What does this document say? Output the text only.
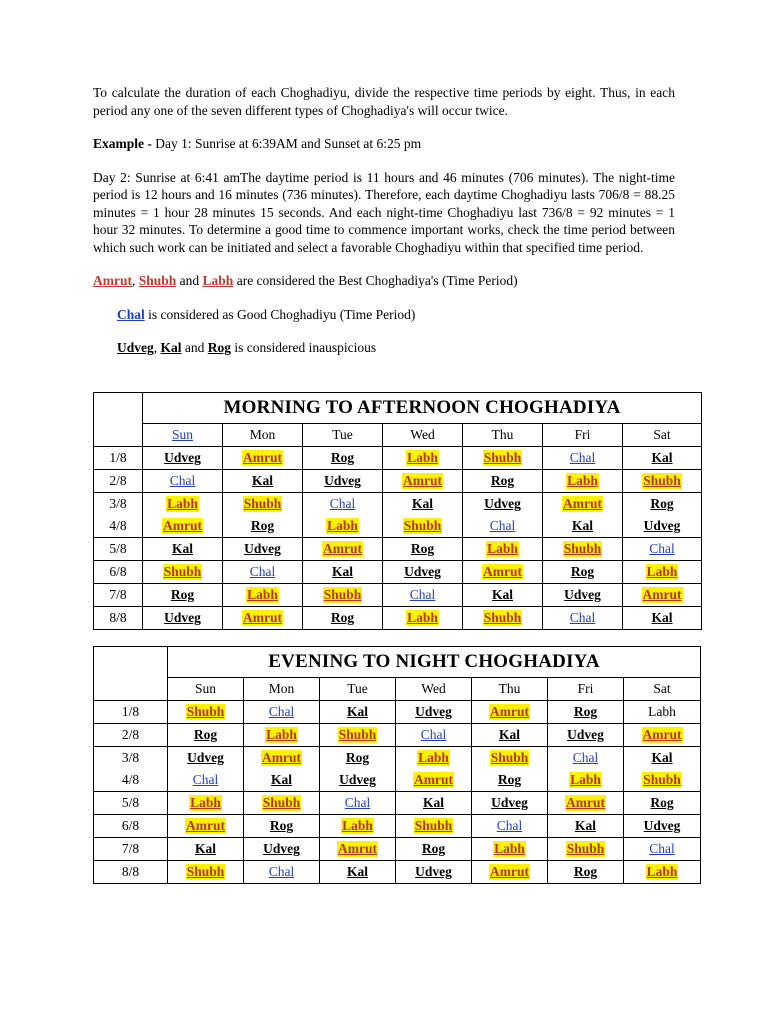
To calculate the duration of each Choghadiyu, divide the respective time periods by eight. Thus, in each period any one of the seven different types of Choghadiya's will occur twice.

Example - Day 1: Sunrise at 6:39AM and Sunset at 6:25 pm

Day 2: Sunrise at 6:41 amThe daytime period is 11 hours and 46 minutes (706 minutes). The night-time period is 12 hours and 16 minutes (736 minutes). Therefore, each daytime Choghadiyu lasts 706/8 = 88.25 minutes = 1 hour 28 minutes 15 seconds. And each night-time Choghadiyu last 736/8 = 92 minutes = 1 hour 32 minutes. To determine a good time to commence important works, check the time period between which such work can be initiated and select a favorable Choghadiyu within that specified time period.

Amrut, Shubh and Labh are considered the Best Choghadiya's (Time Period)

Chal is considered as Good Choghadiyu (Time Period)

Udveg, Kal and Rog is considered inauspicious

	MORNING TO AFTERNOON CHOGHADIYA						
	Sun	Mon	Tue	Wed	Thu	Fri	Sat
1/8	Udveg	Amrut	Rog	Labh	Shubh	Chal	Kal
2/8	Chal	Kal	Udveg	Amrut	Rog	Labh	Shubh
3/8	Labh	Shubh	Chal	Kal	Udveg	Amrut	Rog
4/8	Amrut	Rog	Labh	Shubh	Chal	Kal	Udveg
5/8	Kal	Udveg	Amrut	Rog	Labh	Shubh	Chal
6/8	Shubh	Chal	Kal	Udveg	Amrut	Rog	Labh
7/8	Rog	Labh	Shubh	Chal	Kal	Udveg	Amrut
8/8	Udveg	Amrut	Rog	Labh	Shubh	Chal	Kal
	EVENING TO NIGHT CHOGHADIYA						
	Sun	Mon	Tue	Wed	Thu	Fri	Sat
1/8	Shubh	Chal	Kal	Udveg	Amrut	Rog	Labh
2/8	Rog	Labh	Shubh	Chal	Kal	Udveg	Amrut
3/8	Udveg	Amrut	Rog	Labh	Shubh	Chal	Kal
4/8	Chal	Kal	Udveg	Amrut	Rog	Labh	Shubh
5/8	Labh	Shubh	Chal	Kal	Udveg	Amrut	Rog
6/8	Amrut	Rog	Labh	Shubh	Chal	Kal	Udveg
7/8	Kal	Udveg	Amrut	Rog	Labh	Shubh	Chal
8/8	Shubh	Chal	Kal	Udveg	Amrut	Rog	Labh
